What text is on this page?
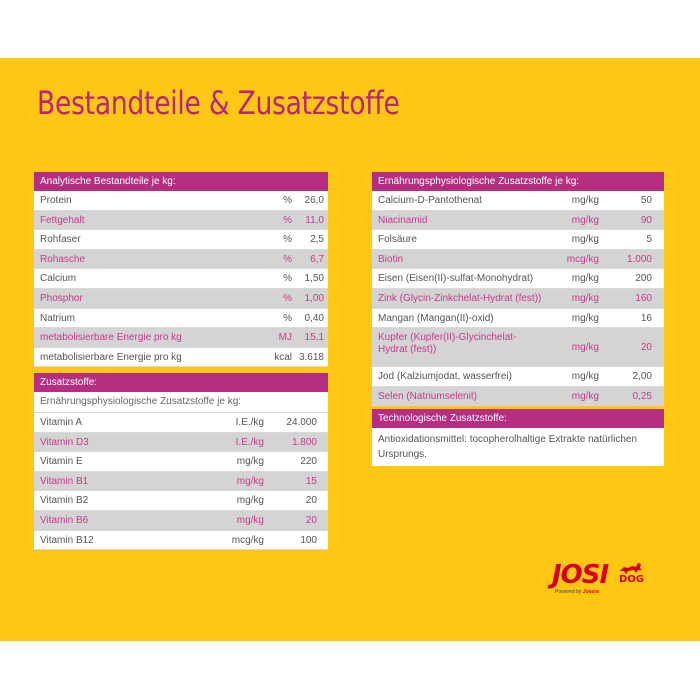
Bestandteile & Zusatzstoffe
Analytische Bestandteile je kg:
Protein	% 26,0
Fettgehalt	% 11,0
Rohfaser	% 2,5
Rohasche	% 6,7
Calcium	% 1,50
Phosphor	% 1,00
Natrium	% 0,40
metabolisierbare Energie pro kg	MJ 15,1
metabolisierbare Energie pro kg	kcal 3.618
Zusatzstoffe:
Ernährungsphysiologische Zusatzstoffe je kg:
Vitamin A	I.E./kg 24.000
Vitamin D3	I.E./kg	1.800
Vitamin E	mg/kg	220
Vitamin B1	mg/kg	15
Vitamin B2	mg/kg	20
Vitamin B6	mg/kg	20
Vitamin B12	mcg/kg	100
Ernährungsphysiologische Zusatzstoffe je kg:
Calcium-D-Pantothenat	mg/kg	50
Niacinamid	mg/kg	90
Folsäure	mg/kg	5
Biotin	mcg/kg	1.000
Eisen (Eisen(II)-sulfat-Monohydrat)	mg/kg	200
Zink (Glycin-Zinkchelat-Hydrat (fest))	mg/kg	160
Mangan (Mangan(II)-oxid)	mg/kg	16
Kupfer (Kupfer(II)-Glycinchelat-Hydrat (fest))	mg/kg	20
Jod (Kalziumjodat, wasserfrei)	mg/kg	2,00
Selen (Natriumselenit)	mg/kg	0,25
Technologische Zusatzstoffe:
Antioxidationsmittel: tocopherolhaltige Extrakte natürlichen Ursprungs.
JOSI DOG
Powered by Josera
